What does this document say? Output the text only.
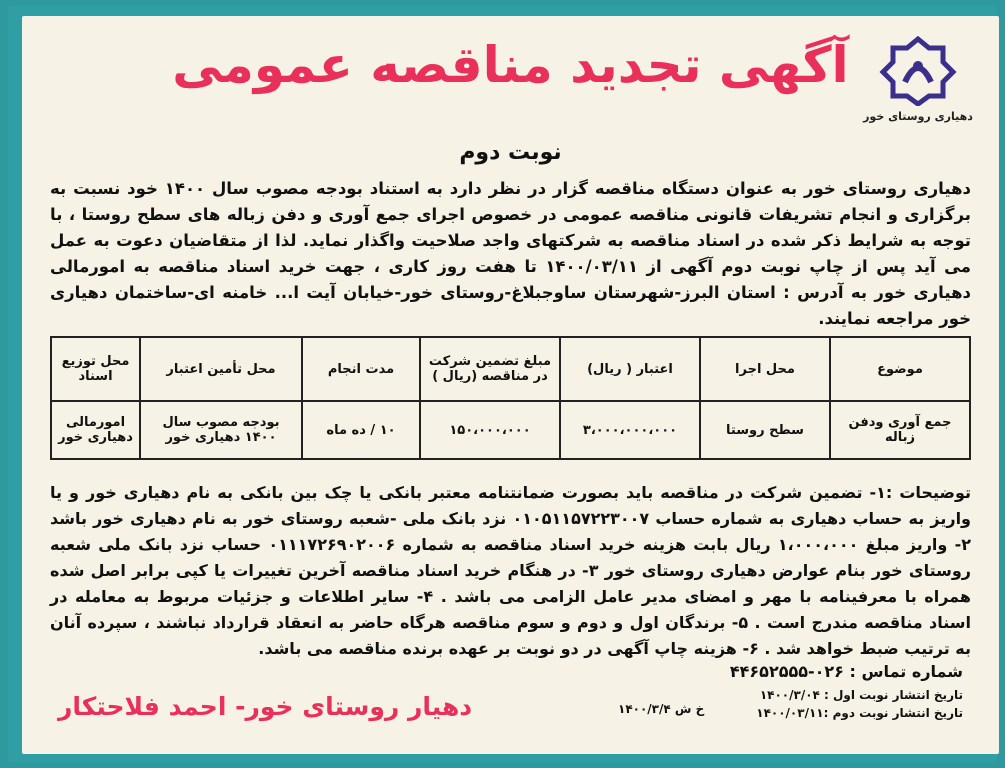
دهیاری روستای خور
آگهی تجدید مناقصه عمومی
نوبت دوم
دهیاری روستای خور به عنوان دستگاه مناقصه گزار در نظر دارد به استناد بودجه مصوب سال ۱۴۰۰ خود نسبت به برگزاری و انجام تشریفات قانونی مناقصه عمومی در خصوص اجرای جمع آوری و دفن زباله های سطح روستا ، با توجه به شرایط ذکر شده در اسناد مناقصه به شرکتهای واجد صلاحیت واگذار نماید. لذا از متقاضیان دعوت به عمل می آید پس از چاپ نوبت دوم آگهی از ۱۴۰۰/۰۳/۱۱ تا هفت روز کاری ، جهت خرید اسناد مناقصه به امورمالی دهیاری خور به آدرس : استان البرز-شهرستان ساوجبلاغ-روستای خور-خیابان آیت ا... خامنه ای-ساختمان دهیاری خور مراجعه نمایند.
موضوع	محل اجرا	اعتبار ( ریال)	مبلغ تضمین شرکت در مناقصه (ریال )	مدت انجام	محل تأمین اعتبار	محل توزیع اسناد
جمع آوری ودفن زباله	سطح روستا	۳،۰۰۰،۰۰۰،۰۰۰	۱۵۰،۰۰۰،۰۰۰	۱۰ / ده ماه	بودجه مصوب سال ۱۴۰۰ دهیاری خور	امورمالی دهیاری خور
توضیحات :۱- تضمین شرکت در مناقصه باید بصورت ضمانتنامه معتبر بانکی یا چک بین بانکی به نام دهیاری خور و یا واریز به حساب دهیاری به شماره حساب ۰۱۰۵۱۱۵۷۲۲۳۰۰۷ نزد بانک ملی -شعبه روستای خور به نام دهیاری خور باشد ۲- واریز مبلغ ۱،۰۰۰،۰۰۰ ریال بابت هزینه خرید اسناد مناقصه به شماره ۰۱۱۱۷۲۶۹۰۲۰۰۶ حساب نزد بانک ملی شعبه روستای خور بنام عوارض دهیاری روستای خور ۳- در هنگام خرید اسناد مناقصه آخرین تغییرات یا کپی برابر اصل شده همراه با معرفینامه با مهر و امضای مدیر عامل الزامی می باشد . ۴- سایر اطلاعات و جزئیات مربوط به معامله در اسناد مناقصه مندرج است . ۵- برندگان اول و دوم و سوم مناقصه هرگاه حاضر به انعقاد قرارداد نباشند ، سپرده آنان به ترتیب ضبط خواهد شد . ۶- هزینه چاپ آگهی در دو نوبت بر عهده برنده مناقصه می باشد.
شماره تماس : ۰۲۶-۴۴۶۵۲۵۵۵
تاریخ انتشار نوبت اول : ۱۴۰۰/۳/۰۴
تاریخ انتشار نوبت دوم :۱۴۰۰/۰۳/۱۱
خ ش ۱۴۰۰/۳/۴
دهیار روستای خور- احمد فلاحتکار
